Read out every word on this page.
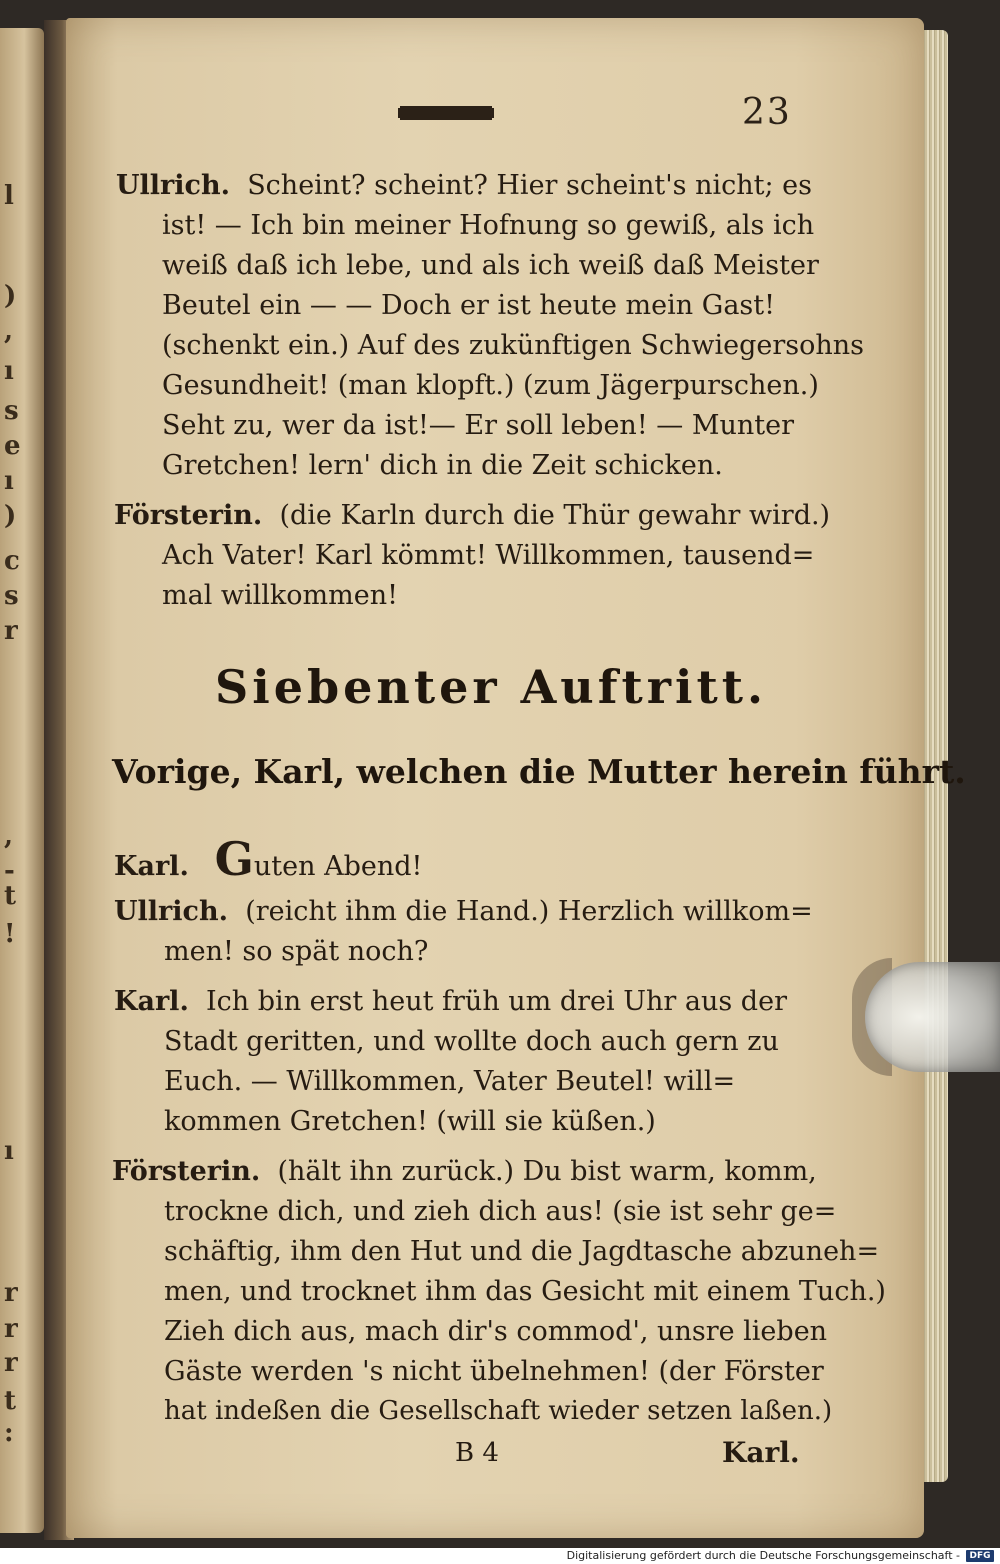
l
)
,
ı
s
e
ı
)
c
s
r
,
-
t
!
ı
r
r
r
t
:
23
Ullrich. Scheint? scheint? Hier scheint's nicht; es
ist! — Ich bin meiner Hofnung so gewiß, als ich
weiß daß ich lebe, und als ich weiß daß Meister
Beutel ein — — Doch er ist heute mein Gast!
(schenkt ein.) Auf des zukünftigen Schwiegersohns
Gesundheit! (man klopft.) (zum Jägerpurschen.)
Seht zu, wer da ist!— Er soll leben! — Munter
Gretchen! lern' dich in die Zeit schicken.
Försterin. (die Karln durch die Thür gewahr wird.)
Ach Vater! Karl kömmt! Willkommen, tausend=
mal willkommen!
Siebenter Auftritt.
Vorige, Karl, welchen die Mutter herein führt.
Karl. Guten Abend!
Ullrich. (reicht ihm die Hand.) Herzlich willkom=
men! so spät noch?
Karl. Ich bin erst heut früh um drei Uhr aus der
Stadt geritten, und wollte doch auch gern zu
Euch. — Willkommen, Vater Beutel! will=
kommen Gretchen! (will sie küßen.)
Försterin. (hält ihn zurück.) Du bist warm, komm,
trockne dich, und zieh dich aus! (sie ist sehr ge=
schäftig, ihm den Hut und die Jagdtasche abzuneh=
men, und trocknet ihm das Gesicht mit einem Tuch.)
Zieh dich aus, mach dir's commod', unsre lieben
Gäste werden 's nicht übelnehmen! (der Förster
hat indeßen die Gesellschaft wieder setzen laßen.)
B 4	Karl.
Digitalisierung gefördert durch die Deutsche Forschungsgemeinschaft -	DFG
